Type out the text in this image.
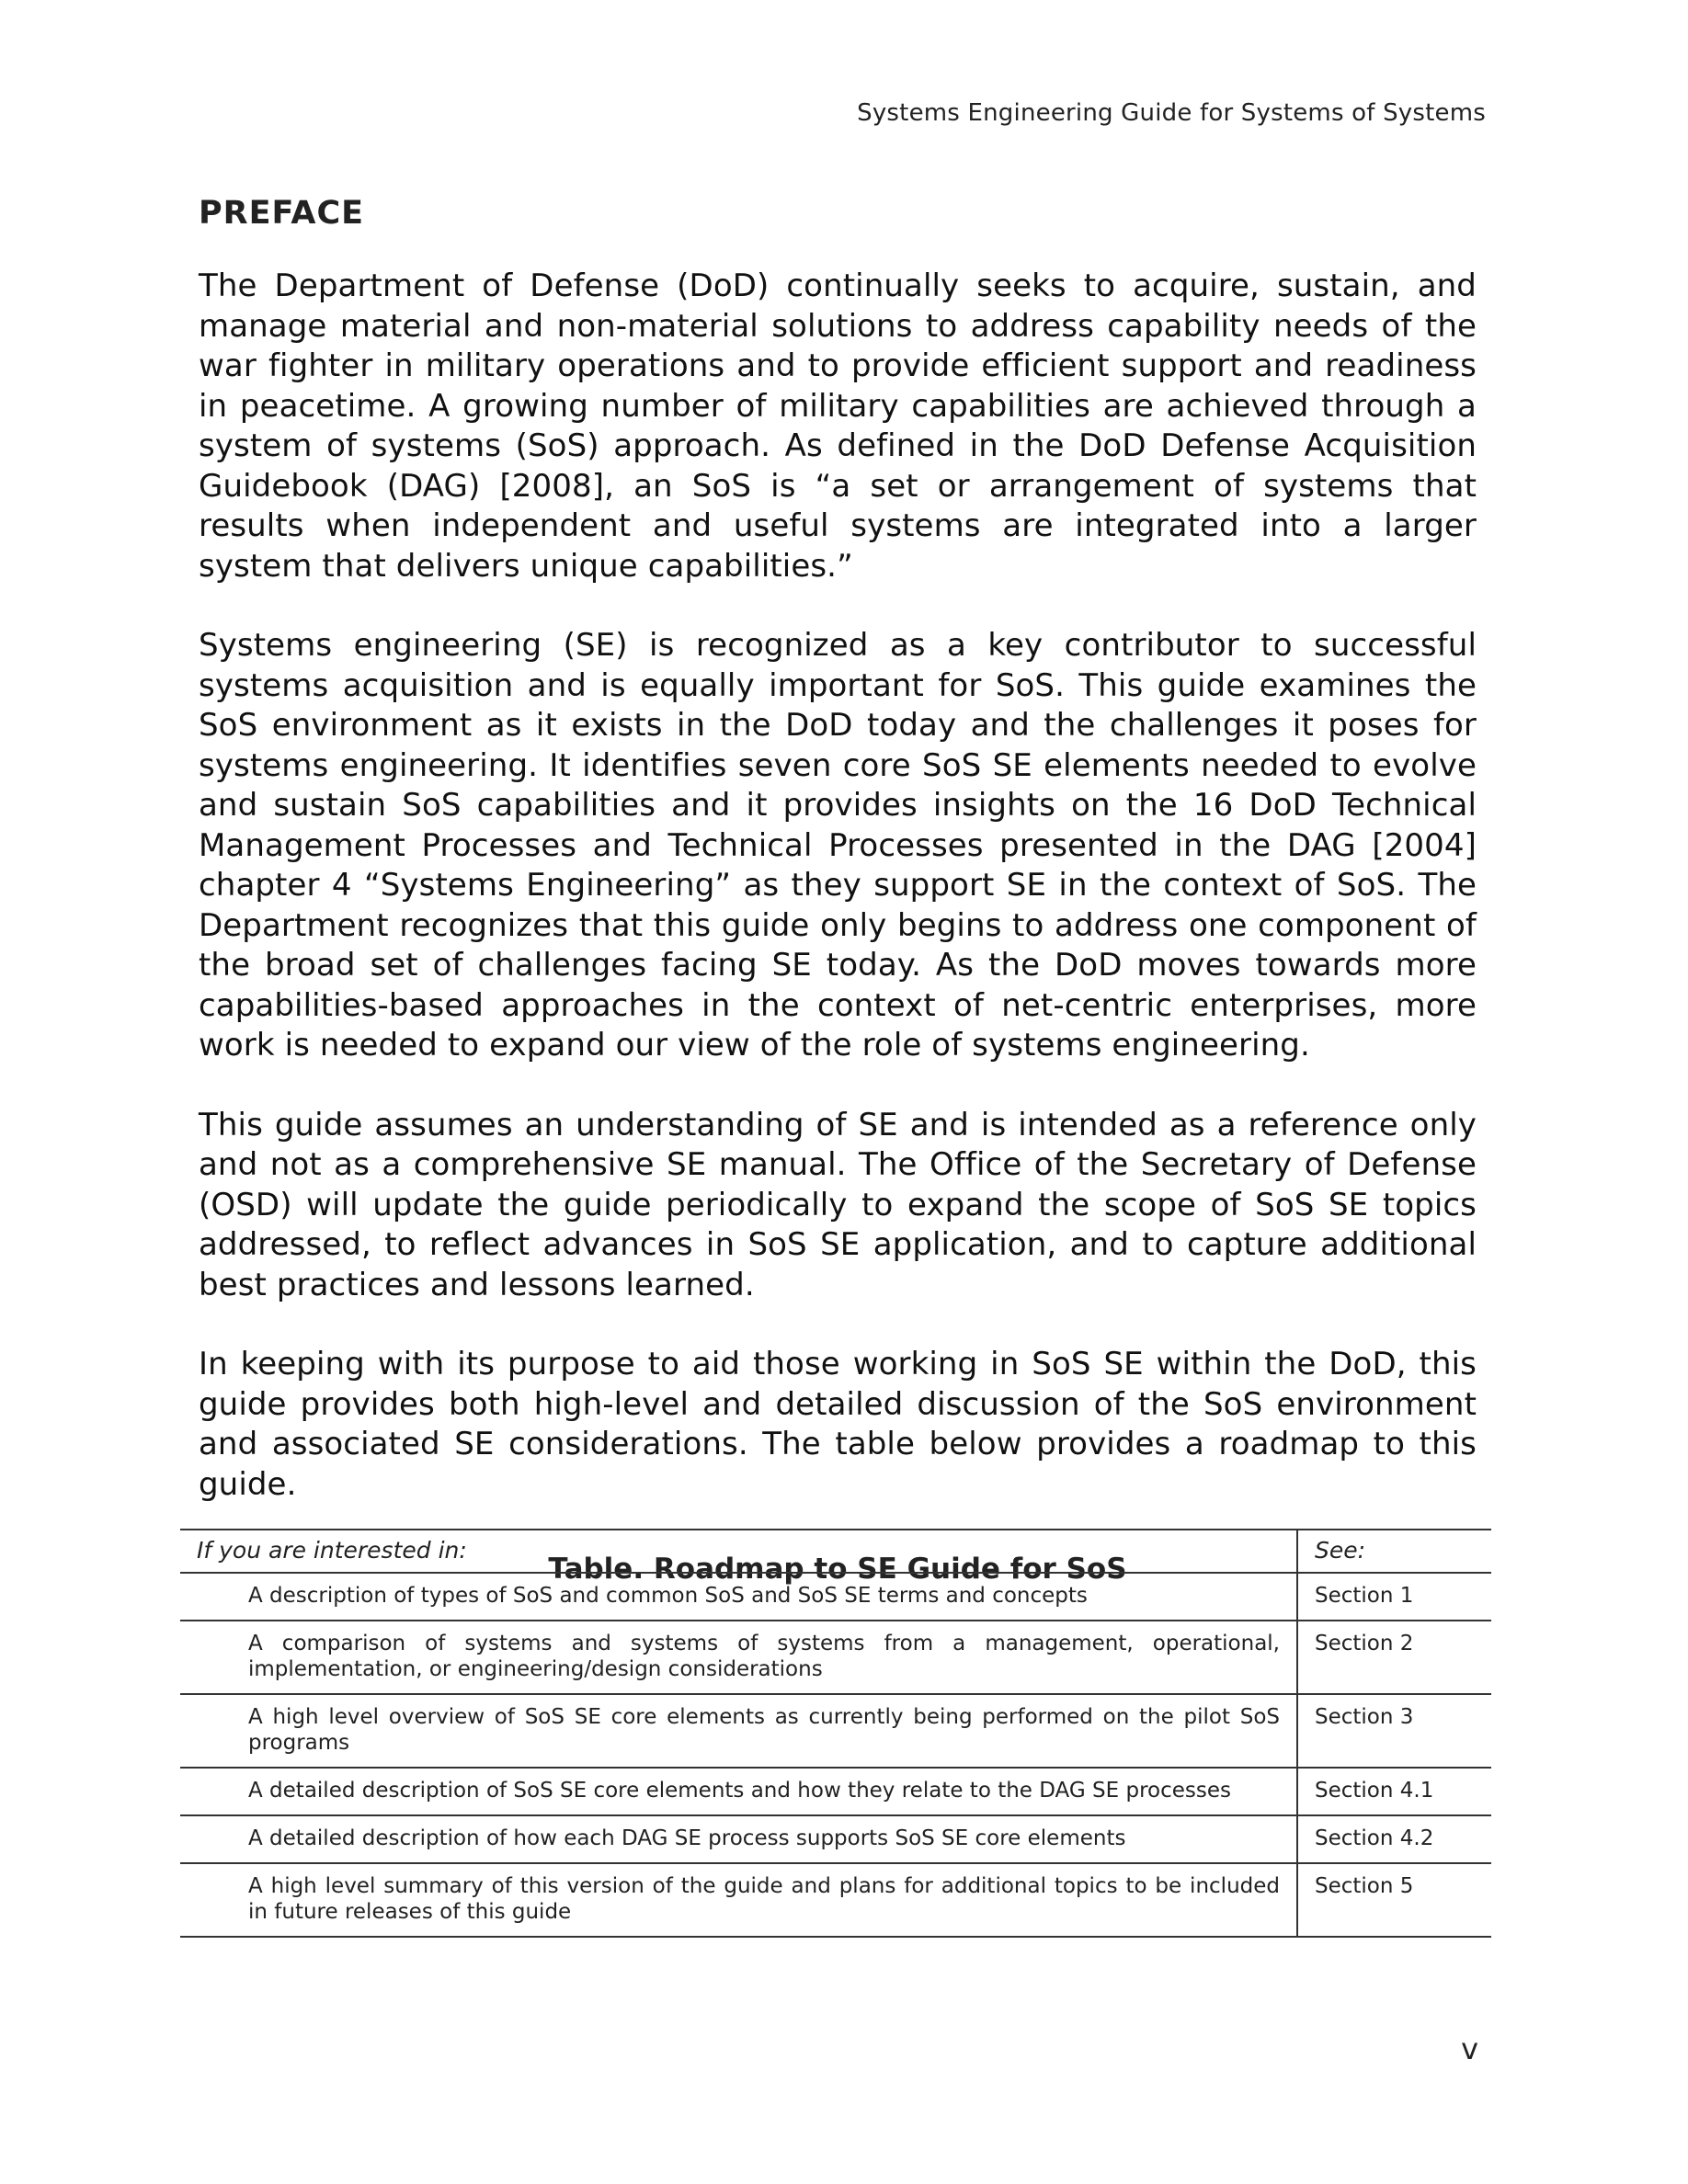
Systems Engineering Guide for Systems of Systems
PREFACE

The Department of Defense (DoD) continually seeks to acquire, sustain, and manage material and non-material solutions to address capability needs of the war fighter in military operations and to provide efficient support and readiness in peacetime. A growing number of military capabilities are achieved through a system of systems (SoS) approach. As defined in the DoD Defense Acquisition Guidebook (DAG) [2008], an SoS is “a set or arrangement of systems that results when independent and useful systems are integrated into a larger system that delivers unique capabilities.”

Systems engineering (SE) is recognized as a key contributor to successful systems acquisition and is equally important for SoS. This guide examines the SoS environment as it exists in the DoD today and the challenges it poses for systems engineering. It identifies seven core SoS SE elements needed to evolve and sustain SoS capabilities and it provides insights on the 16 DoD Technical Management Processes and Technical Processes presented in the DAG [2004] chapter 4 “Systems Engineering” as they support SE in the context of SoS. The Department recognizes that this guide only begins to address one component of the broad set of challenges facing SE today. As the DoD moves towards more capabilities-based approaches in the context of net-centric enterprises, more work is needed to expand our view of the role of systems engineering.

This guide assumes an understanding of SE and is intended as a reference only and not as a comprehensive SE manual. The Office of the Secretary of Defense (OSD) will update the guide periodically to expand the scope of SoS SE topics addressed, to reflect advances in SoS SE application, and to capture additional best practices and lessons learned.

In keeping with its purpose to aid those working in SoS SE within the DoD, this guide provides both high-level and detailed discussion of the SoS environment and associated SE considerations. The table below provides a roadmap to this guide.

Table. Roadmap to SE Guide for SoS
If you are interested in:	See:
A description of types of SoS and common SoS and SoS SE terms and concepts	Section 1
A comparison of systems and systems of systems from a management, operational, implementation, or engineering/design considerations	Section 2
A high level overview of SoS SE core elements as currently being performed on the pilot SoS programs	Section 3
A detailed description of SoS SE core elements and how they relate to the DAG SE processes	Section 4.1
A detailed description of how each DAG SE process supports SoS SE core elements	Section 4.2
A high level summary of this version of the guide and plans for additional topics to be included in future releases of this guide	Section 5
v
